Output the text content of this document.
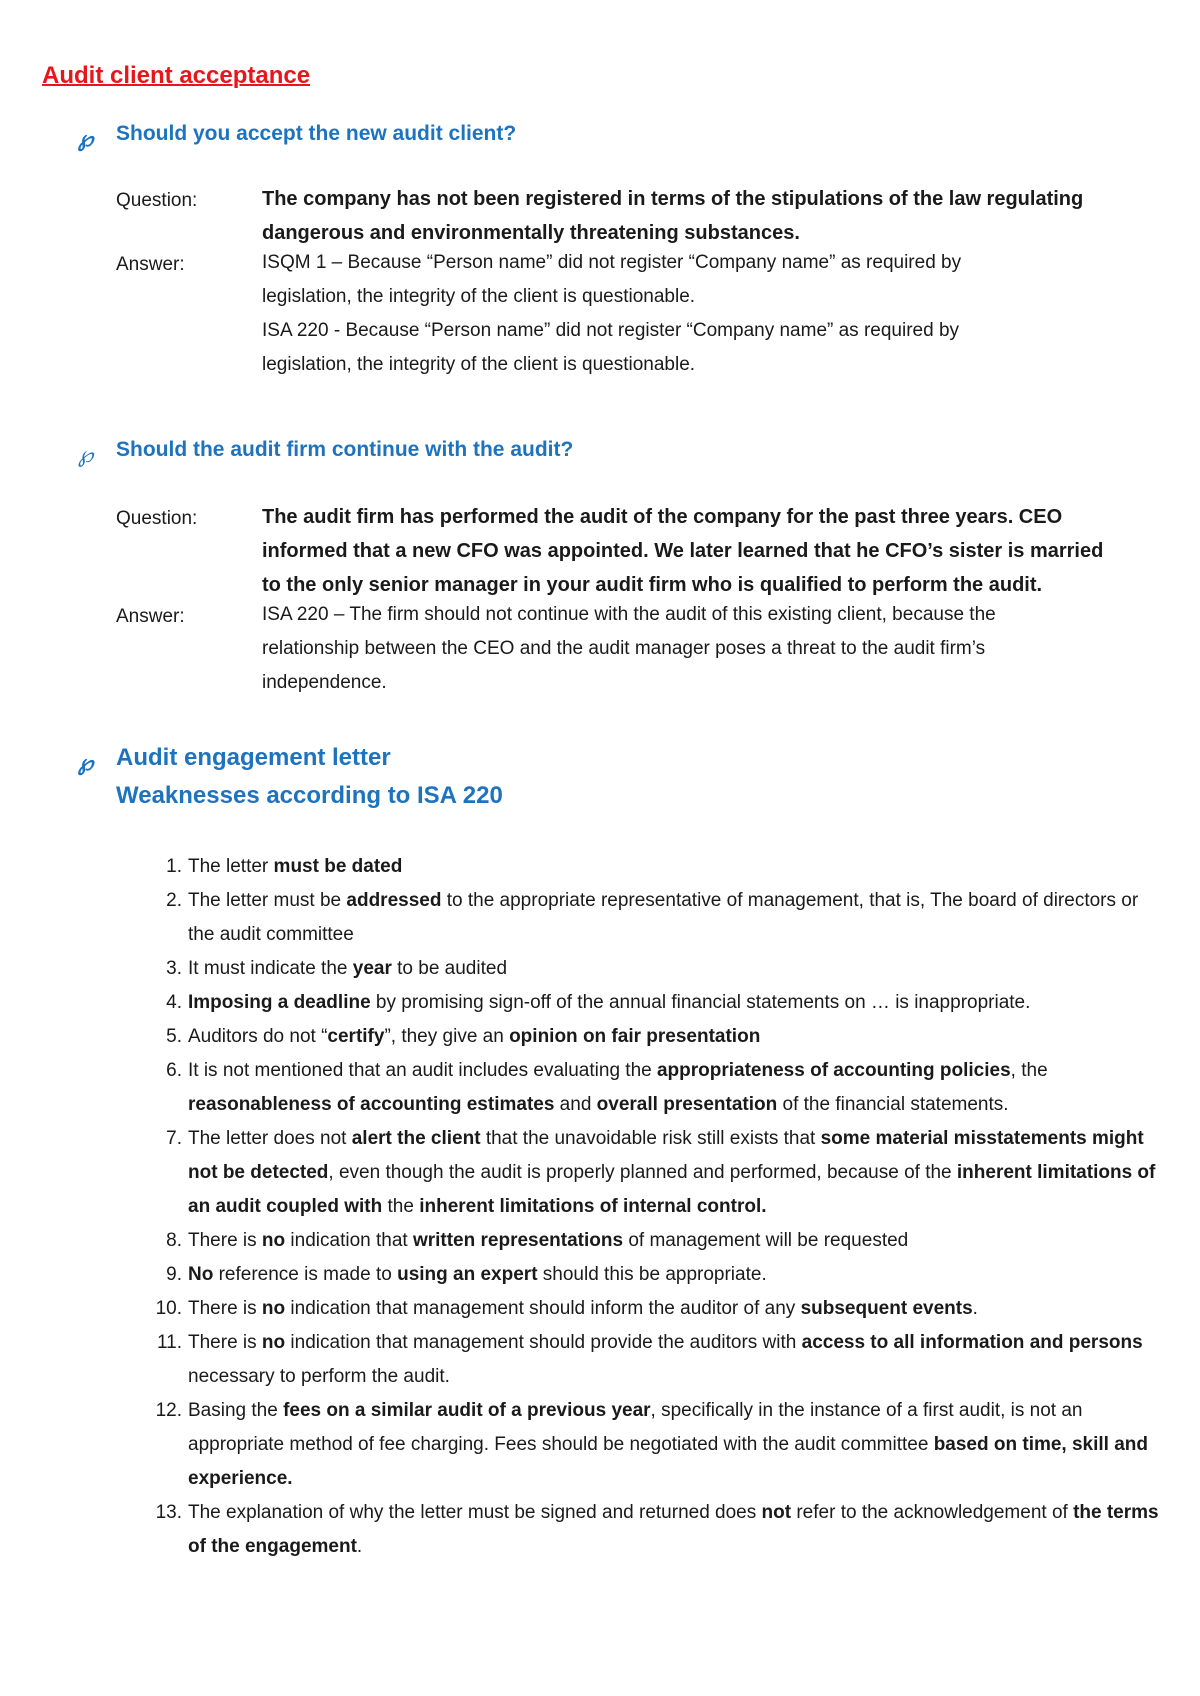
Audit client acceptance
℘ Should you accept the new audit client?
Question:	The company has not been registered in terms of the stipulations of the law regulating
dangerous and environmentally threatening substances.
Answer:	ISQM 1 – Because “Person name” did not register “Company name” as required by
legislation, the integrity of the client is questionable.
ISA 220 - Because “Person name” did not register “Company name” as required by
legislation, the integrity of the client is questionable.
℘ Should the audit firm continue with the audit?
Question:	The audit firm has performed the audit of the company for the past three years. CEO
informed that a new CFO was appointed. We later learned that he CFO’s sister is married
to the only senior manager in your audit firm who is qualified to perform the audit.
Answer:	ISA 220 – The firm should not continue with the audit of this existing client, because the
relationship between the CEO and the audit manager poses a threat to the audit firm’s
independence.
℘ Audit engagement letter
Weaknesses according to ISA 220
1. The letter must be dated
2. The letter must be addressed to the appropriate representative of management, that is, The board of directors or the audit committee
3. It must indicate the year to be audited
4. Imposing a deadline by promising sign-off of the annual financial statements on … is inappropriate.
5. Auditors do not “certify”, they give an opinion on fair presentation
6. It is not mentioned that an audit includes evaluating the appropriateness of accounting policies, the reasonableness of accounting estimates and overall presentation of the financial statements.
7. The letter does not alert the client that the unavoidable risk still exists that some material misstatements might not be detected, even though the audit is properly planned and performed, because of the inherent limitations of an audit coupled with the inherent limitations of internal control.
8. There is no indication that written representations of management will be requested
9. No reference is made to using an expert should this be appropriate.
10. There is no indication that management should inform the auditor of any subsequent events.
11. There is no indication that management should provide the auditors with access to all information and persons necessary to perform the audit.
12. Basing the fees on a similar audit of a previous year, specifically in the instance of a first audit, is not an appropriate method of fee charging. Fees should be negotiated with the audit committee based on time, skill and experience.
13. The explanation of why the letter must be signed and returned does not refer to the acknowledgement of the terms of the engagement.
